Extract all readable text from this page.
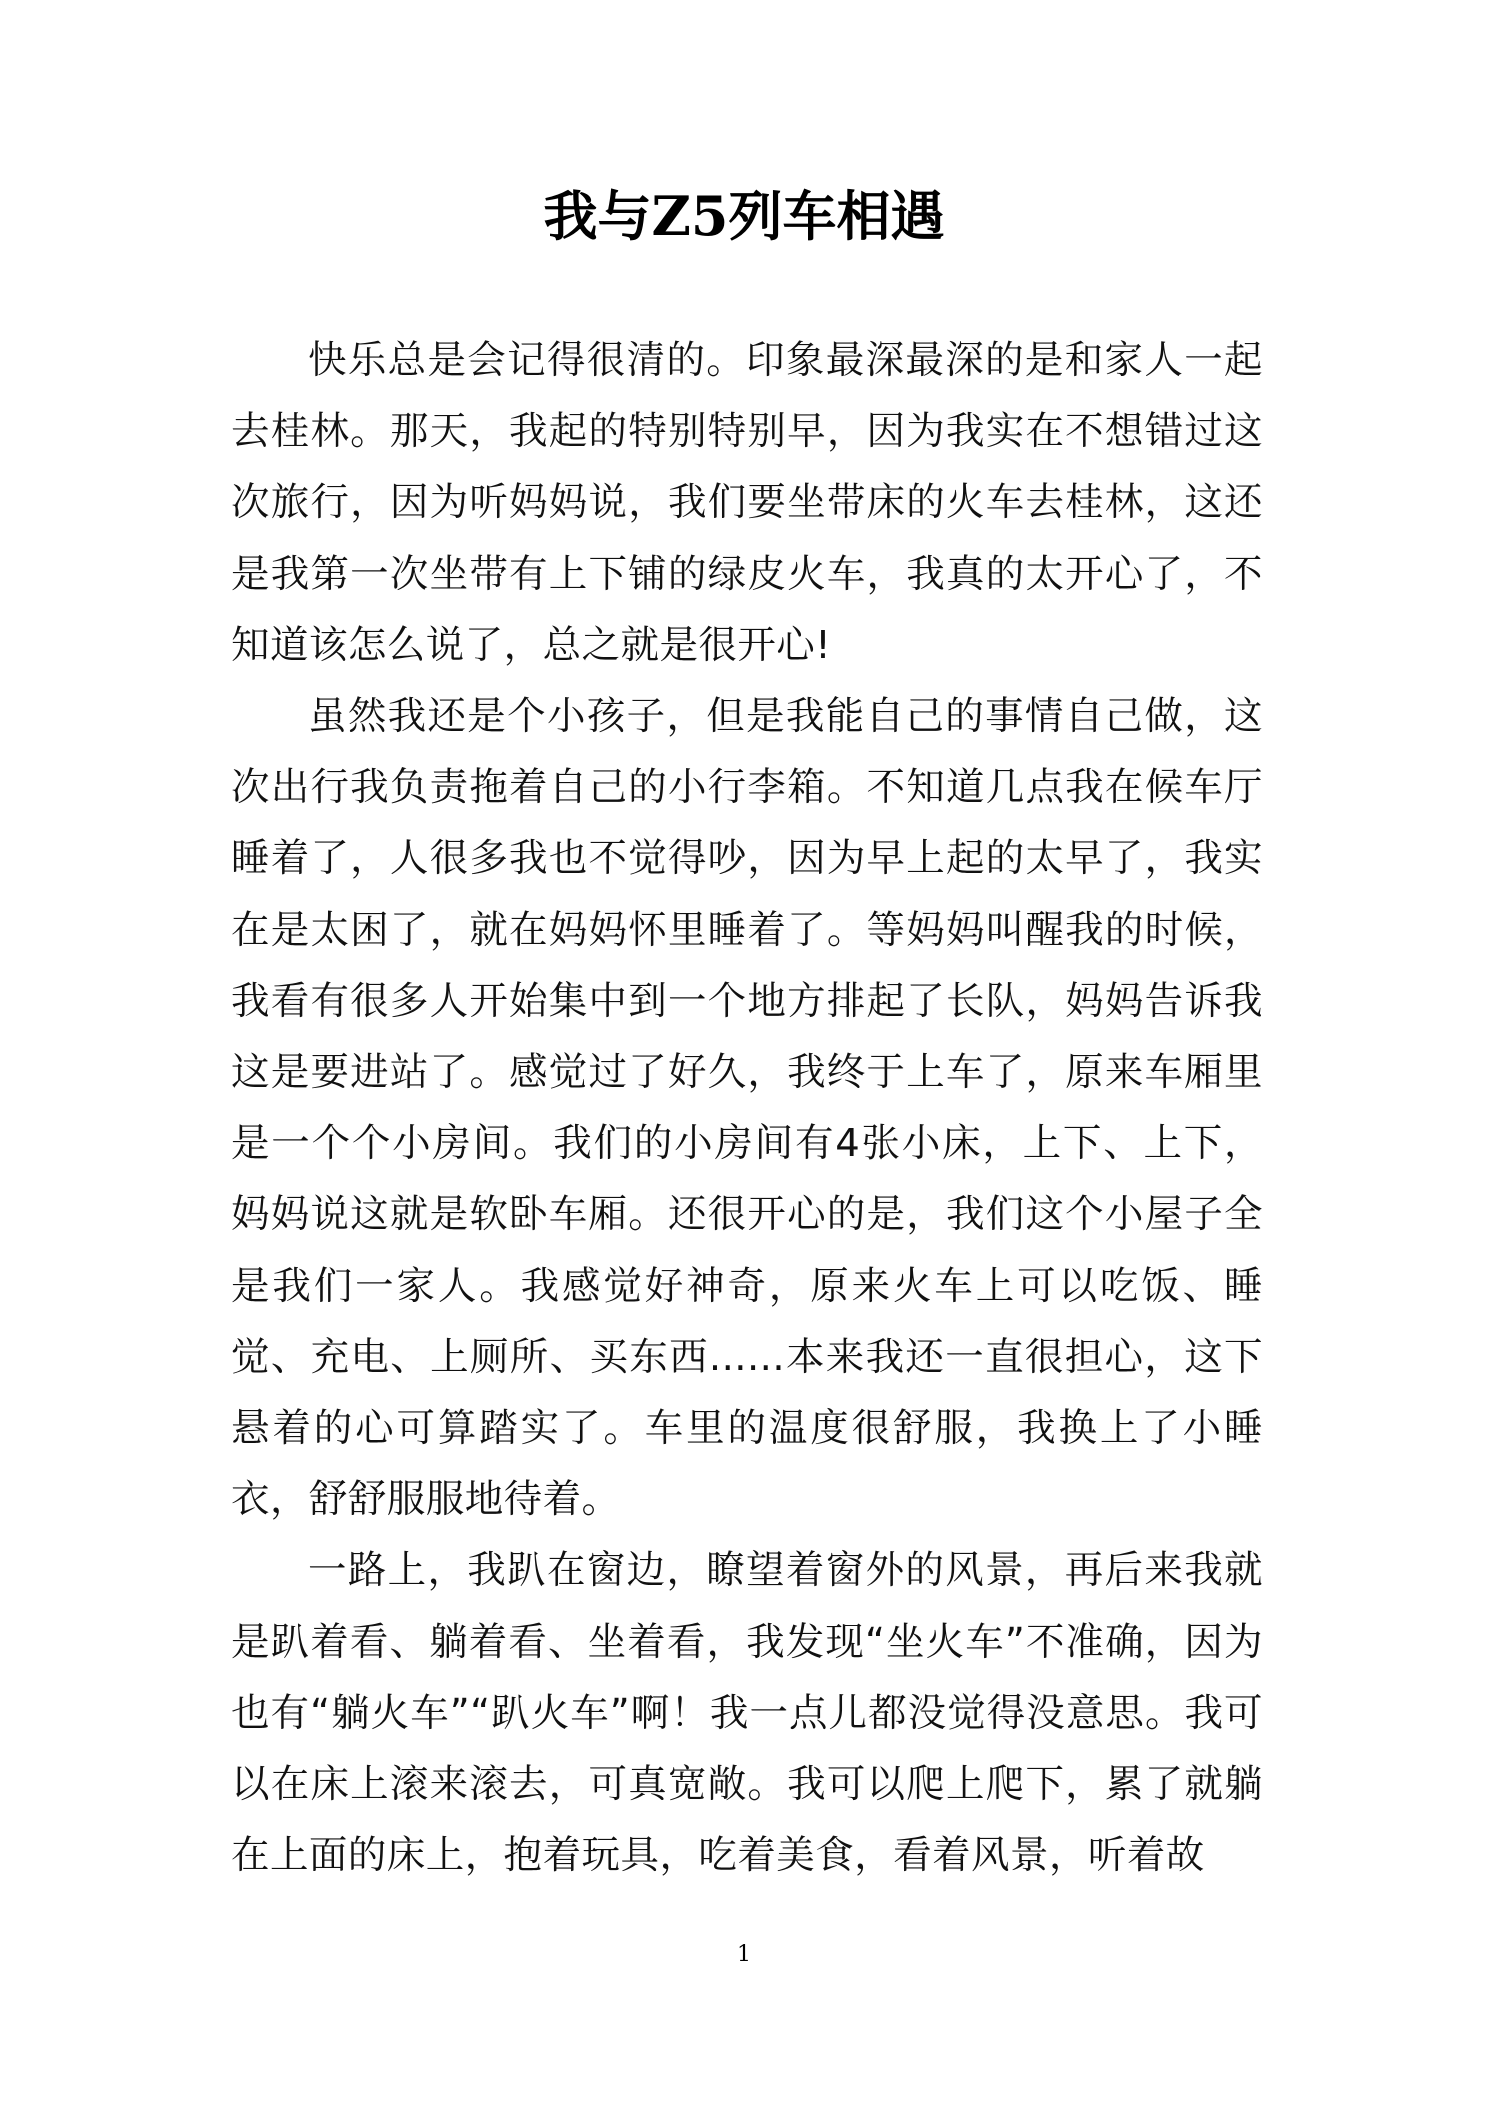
我与Z5列车相遇

快乐总是会记得很清的。印象最深最深的是和家人一起去桂林。那天，我起的特别特别早，因为我实在不想错过这次旅行，因为听妈妈说，我们要坐带床的火车去桂林，这还是我第一次坐带有上下铺的绿皮火车，我真的太开心了，不知道该怎么说了，总之就是很开心!

虽然我还是个小孩子，但是我能自己的事情自己做，这次出行我负责拖着自己的小行李箱。不知道几点我在候车厅睡着了，人很多我也不觉得吵，因为早上起的太早了，我实在是太困了，就在妈妈怀里睡着了。等妈妈叫醒我的时候，我看有很多人开始集中到一个地方排起了长队，妈妈告诉我这是要进站了。感觉过了好久，我终于上车了，原来车厢里是一个个小房间。我们的小房间有4张小床，上下、上下，妈妈说这就是软卧车厢。还很开心的是，我们这个小屋子全是我们一家人。我感觉好神奇，原来火车上可以吃饭、睡觉、充电、上厕所、买东西......本来我还一直很担心，这下悬着的心可算踏实了。车里的温度很舒服，我换上了小睡衣，舒舒服服地待着。

一路上，我趴在窗边，瞭望着窗外的风景，再后来我就是趴着看、躺着看、坐着看，我发现“坐火车”不准确，因为也有“躺火车”“趴火车”啊！我一点儿都没觉得没意思。我可以在床上滚来滚去，可真宽敞。我可以爬上爬下，累了就躺在上面的床上，抱着玩具，吃着美食，看着风景，听着故

1
